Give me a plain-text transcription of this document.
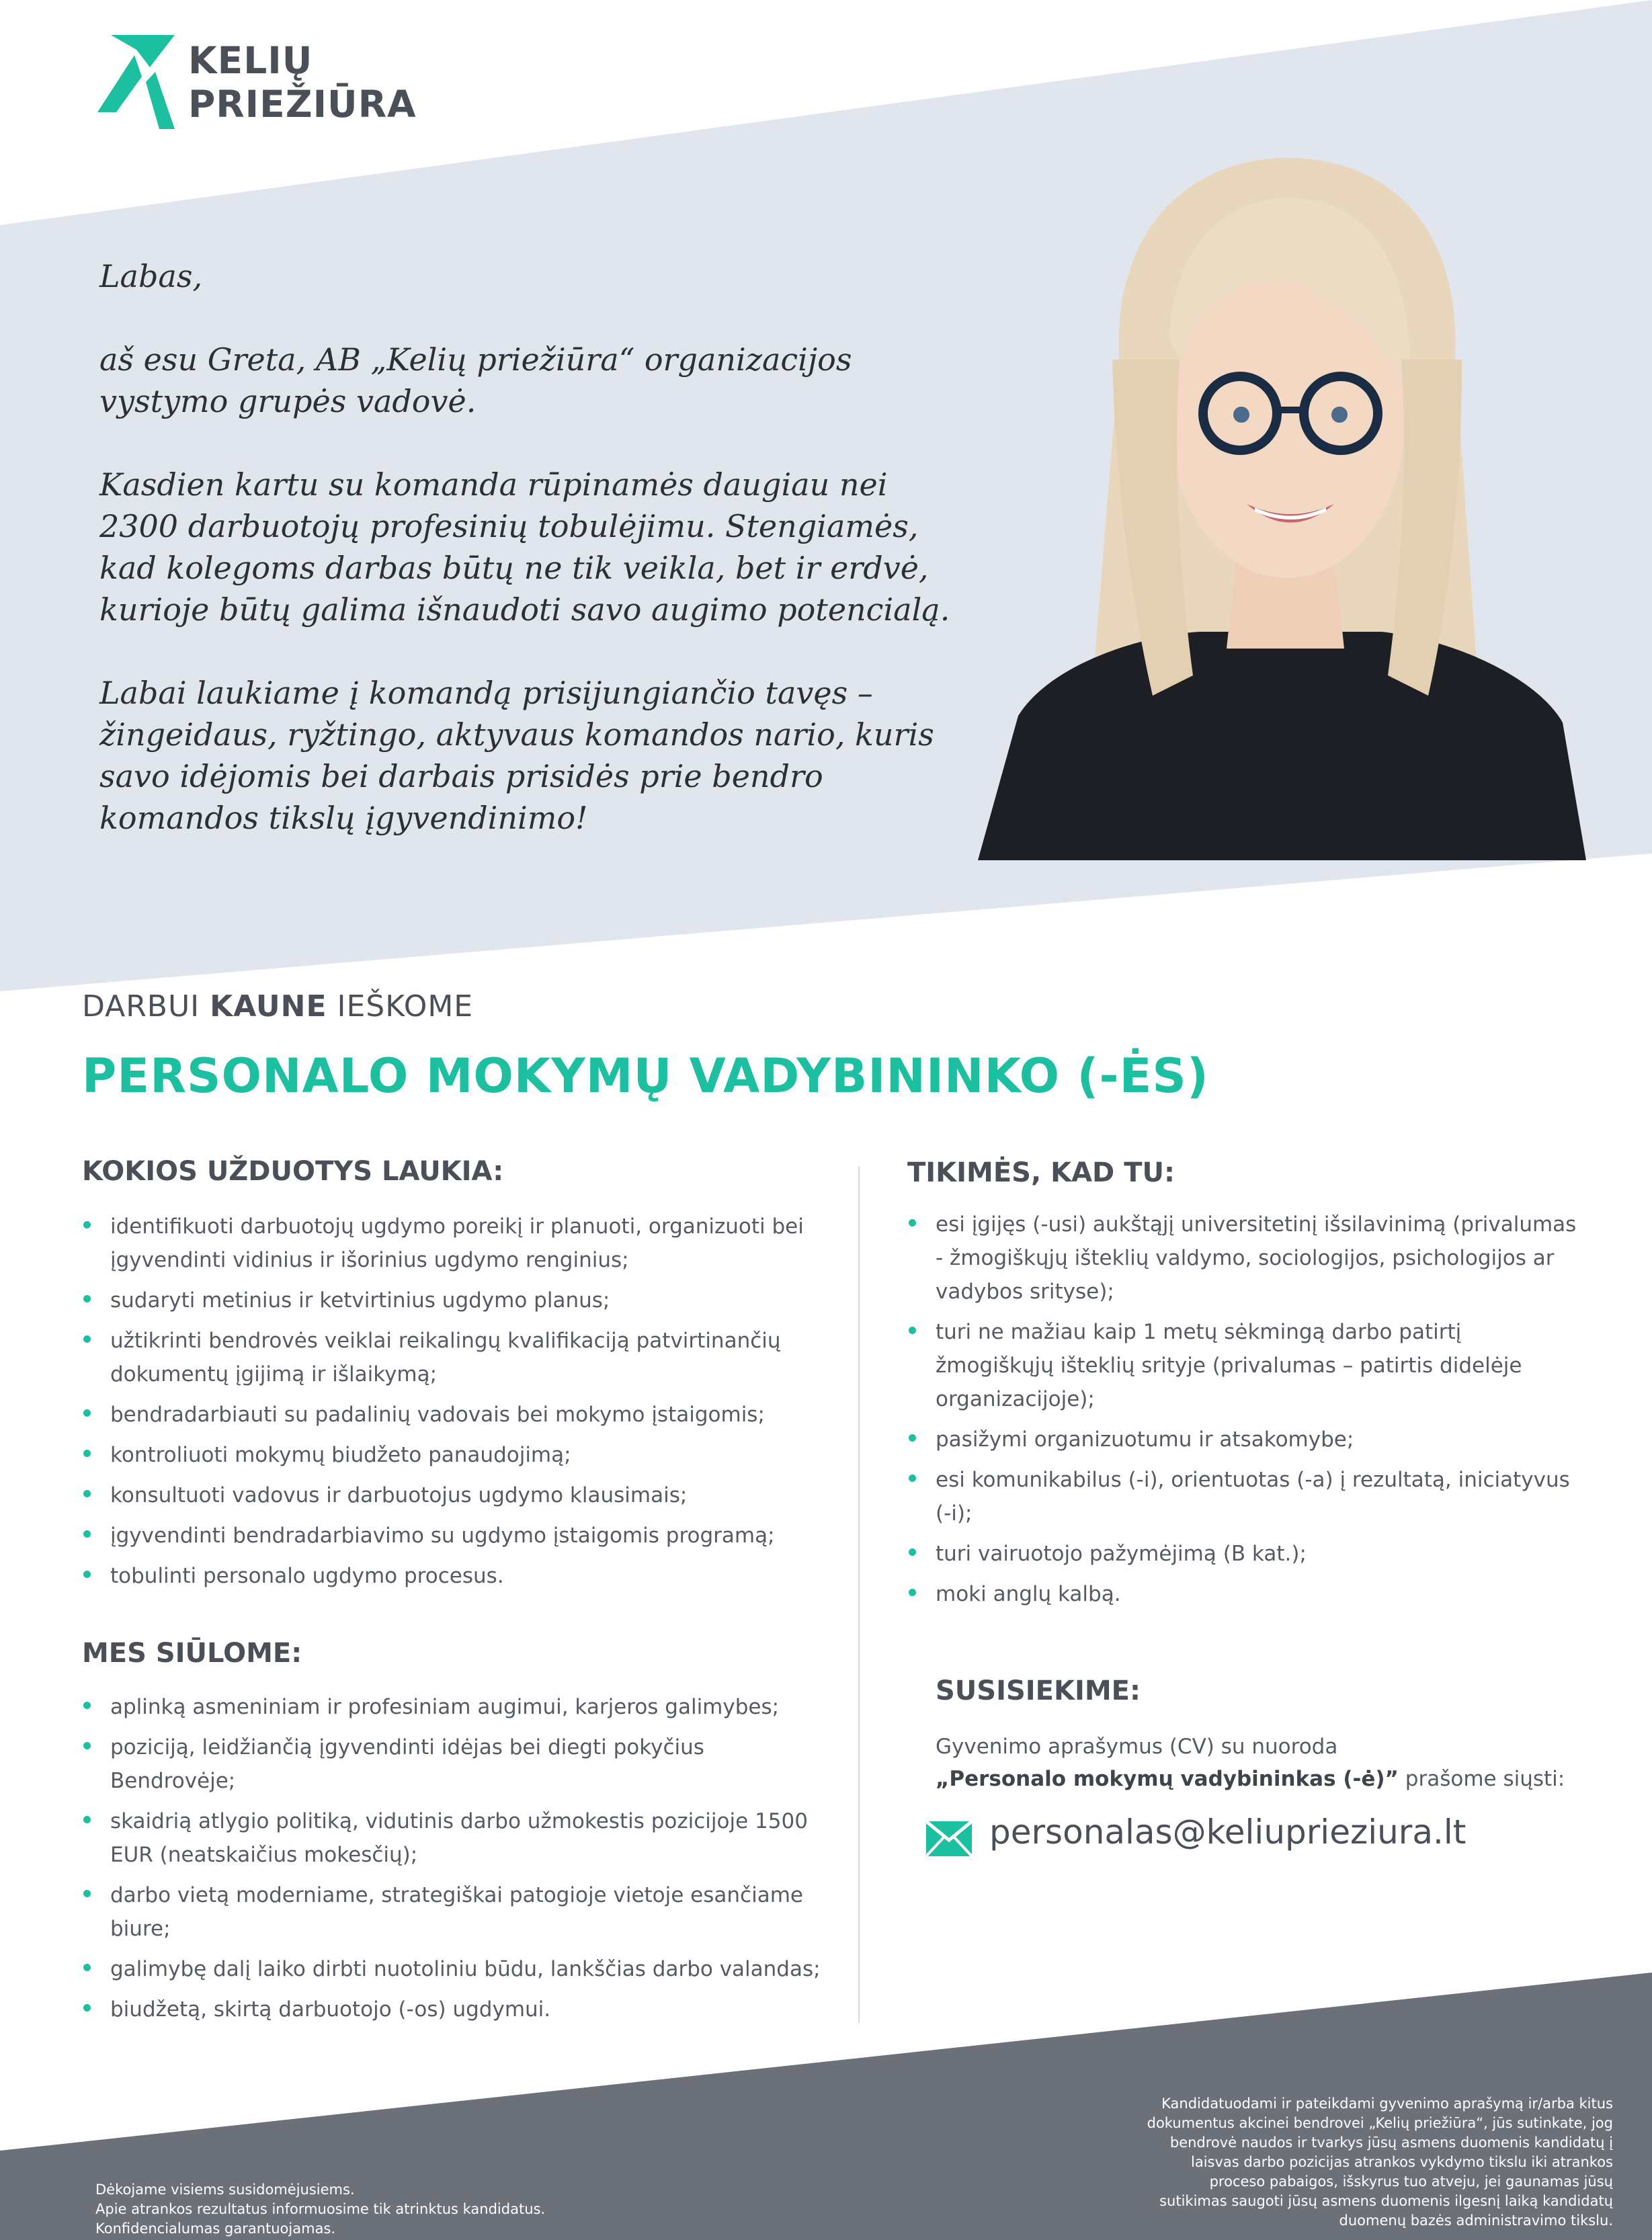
KELIŲ
PRIEŽIŪRA

Labas,

aš esu Greta, AB „Kelių priežiūra“ organizacijos vystymo grupės vadovė.

Kasdien kartu su komanda rūpinamės daugiau nei 2300 darbuotojų profesinių tobulėjimu. Stengiamės, kad kolegoms darbas būtų ne tik veikla, bet ir erdvė, kurioje būtų galima išnaudoti savo augimo potencialą.

Labai laukiame į komandą prisijungiančio tavęs – žingeidaus, ryžtingo, aktyvaus komandos nario, kuris savo idėjomis bei darbais prisidės prie bendro komandos tikslų įgyvendinimo!

DARBUI KAUNE IEŠKOME
PERSONALO MOKYMŲ VADYBININKO (-ĖS)
KOKIOS UŽDUOTYS LAUKIA:
identifikuoti darbuotojų ugdymo poreikį ir planuoti, organizuoti bei įgyvendinti vidinius ir išorinius ugdymo renginius;
sudaryti metinius ir ketvirtinius ugdymo planus;
užtikrinti bendrovės veiklai reikalingų kvalifikaciją patvirtinančių dokumentų įgijimą ir išlaikymą;
bendradarbiauti su padalinių vadovais bei mokymo įstaigomis;
kontroliuoti mokymų biudžeto panaudojimą;
konsultuoti vadovus ir darbuotojus ugdymo klausimais;
įgyvendinti bendradarbiavimo su ugdymo įstaigomis programą;
tobulinti personalo ugdymo procesus.
MES SIŪLOME:
aplinką asmeniniam ir profesiniam augimui, karjeros galimybes;
poziciją, leidžiančią įgyvendinti idėjas bei diegti pokyčius Bendrovėje;
skaidrią atlygio politiką, vidutinis darbo užmokestis pozicijoje 1500 EUR (neatskaičius mokesčių);
darbo vietą moderniame, strategiškai patogioje vietoje esančiame biure;
galimybę dalį laiko dirbti nuotoliniu būdu, lankščias darbo valandas;
biudžetą, skirtą darbuotojo (-os) ugdymui.
TIKIMĖS, KAD TU:
esi įgijęs (-usi) aukštąjį universitetinį išsilavinimą (privalumas - žmogiškųjų išteklių valdymo, sociologijos, psichologijos ar vadybos srityse);
turi ne mažiau kaip 1 metų sėkmingą darbo patirtį žmogiškųjų išteklių srityje (privalumas – patirtis didelėje organizacijoje);
pasižymi organizuotumu ir atsakomybe;
esi komunikabilus (-i), orientuotas (-a) į rezultatą, iniciatyvus (-i);
turi vairuotojo pažymėjimą (B kat.);
moki anglų kalbą.
SUSISIEKIME:
Gyvenimo aprašymus (CV) su nuoroda
„Personalo mokymų vadybininkas (-ė)” prašome siųsti:
personalas@keliuprieziura.lt
Dėkojame visiems susidomėjusiems.
Apie atrankos rezultatus informuosime tik atrinktus kandidatus.
Konfidencialumas garantuojamas.
Kandidatuodami ir pateikdami gyvenimo aprašymą ir/arba kitus
dokumentus akcinei bendrovei „Kelių priežiūra“, jūs sutinkate, jog
bendrovė naudos ir tvarkys jūsų asmens duomenis kandidatų į
laisvas darbo pozicijas atrankos vykdymo tikslu iki atrankos
proceso pabaigos, išskyrus tuo atveju, jei gaunamas jūsų
sutikimas saugoti jūsų asmens duomenis ilgesnį laiką kandidatų
duomenų bazės administravimo tikslu.
